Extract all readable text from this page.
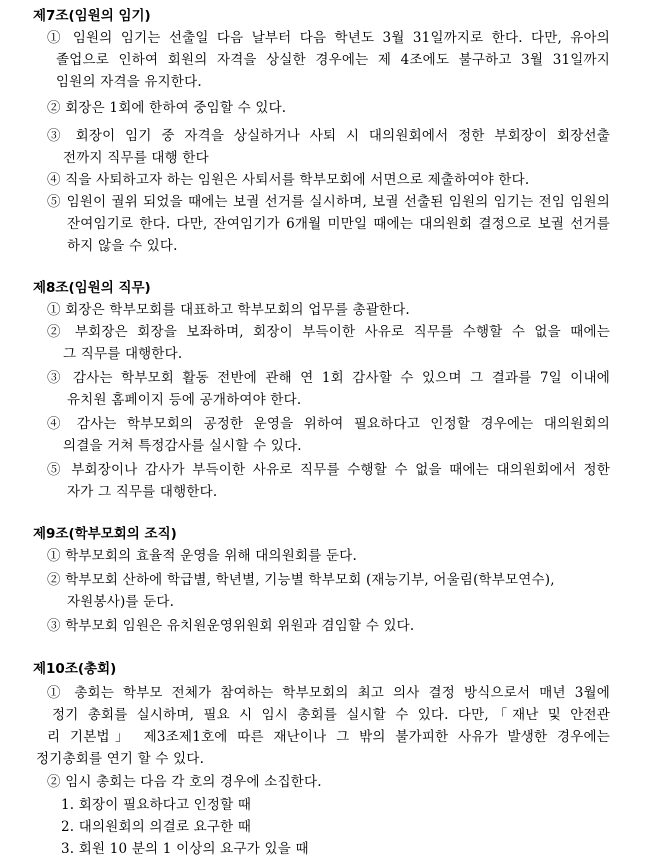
제7조(임원의 임기)
① 임원의 임기는 선출일 다음 날부터 다음 학년도 3월 31일까지로 한다. 다만, 유아의
졸업으로 인하여 회원의 자격을 상실한 경우에는 제 4조에도 불구하고 3월 31일까지
임원의 자격을 유지한다.
② 회장은 1회에 한하여 중임할 수 있다.
③ 회장이 임기 중 자격을 상실하거나 사퇴 시 대의원회에서 정한 부회장이 회장선출
전까지 직무를 대행 한다
④ 직을 사퇴하고자 하는 임원은 사퇴서를 학부모회에 서면으로 제출하여야 한다.
⑤ 임원이 궐위 되었을 때에는 보궐 선거를 실시하며, 보궐 선출된 임원의 임기는 전임 임원의
잔여임기로 한다. 다만, 잔여임기가 6개월 미만일 때에는 대의원회 결정으로 보궐 선거를
하지 않을 수 있다.
제8조(임원의 직무)
① 회장은 학부모회를 대표하고 학부모회의 업무를 총괄한다.
② 부회장은 회장을 보좌하며, 회장이 부득이한 사유로 직무를 수행할 수 없을 때에는
그 직무를 대행한다.
③ 감사는 학부모회 활동 전반에 관해 연 1회 감사할 수 있으며 그 결과를 7일 이내에
유치원 홈페이지 등에 공개하여야 한다.
④ 감사는 학부모회의 공정한 운영을 위하여 필요하다고 인정할 경우에는 대의원회의
의결을 거쳐 특정감사를 실시할 수 있다.
⑤ 부회장이나 감사가 부득이한 사유로 직무를 수행할 수 없을 때에는 대의원회에서 정한
자가 그 직무를 대행한다.
제9조(학부모회의 조직)
① 학부모회의 효율적 운영을 위해 대의원회를 둔다.
② 학부모회 산하에 학급별, 학년별, 기능별 학부모회 (재능기부, 어울림(학부모연수),
자원봉사)를 둔다.
③ 학부모회 임원은 유치원운영위원회 위원과 겸임할 수 있다.
제10조(총회)
① 총회는 학부모 전체가 참여하는 학부모회의 최고 의사 결정 방식으로서 매년 3월에
정기 총회를 실시하며, 필요 시 임시 총회를 실시할 수 있다. 다만,「재난 및 안전관
리 기본법」 제3조제1호에 따른 재난이나 그 밖의 불가피한 사유가 발생한 경우에는
정기총회를 연기 할 수 있다.
② 임시 총회는 다음 각 호의 경우에 소집한다.
1. 회장이 필요하다고 인정할 때
2. 대의원회의 의결로 요구한 때
3. 회원 10 분의 1 이상의 요구가 있을 때
